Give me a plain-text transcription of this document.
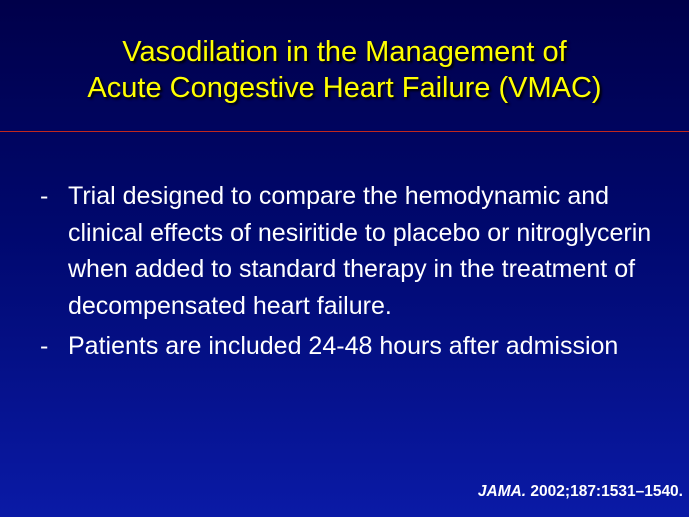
Vasodilation in the Management of
Acute Congestive Heart Failure (VMAC)
- Trial designed to compare the hemodynamic and clinical effects of nesiritide to placebo or nitroglycerin when added to standard therapy in the treatment of decompensated heart failure.
- Patients are included 24-48 hours after admission
JAMA. 2002;187:1531–1540.
